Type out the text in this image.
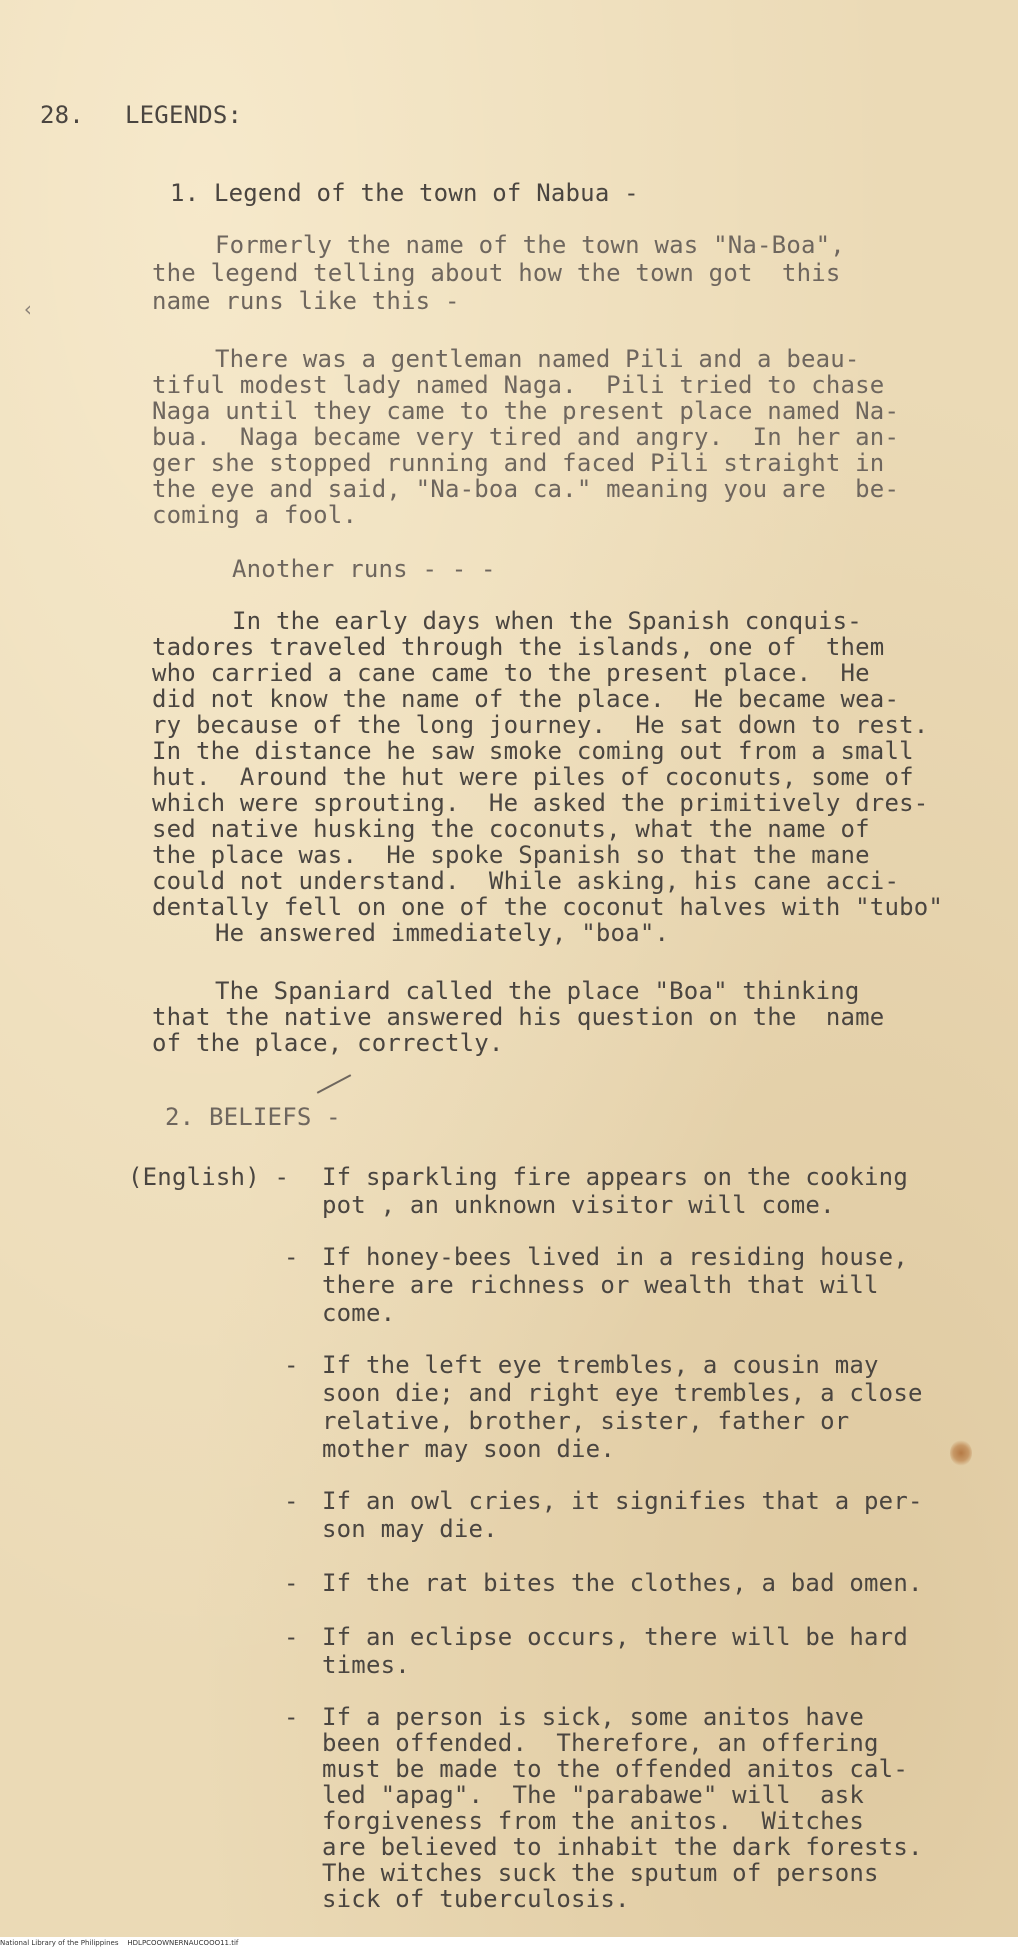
‹
28. LEGENDS:
1. Legend of the town of Nabua -
Formerly the name of the town was "Na-Boa",
the legend telling about how the town got  this
name runs like this -
There was a gentleman named Pili and a beau-
tiful modest lady named Naga.  Pili tried to chase
Naga until they came to the present place named Na-
bua.  Naga became very tired and angry.  In her an-
ger she stopped running and faced Pili straight in
the eye and said, "Na-boa ca." meaning you are  be-
coming a fool.
Another runs - - -
In the early days when the Spanish conquis-
tadores traveled through the islands, one of  them
who carried a cane came to the present place.  He
did not know the name of the place.  He became wea-
ry because of the long journey.  He sat down to rest.
In the distance he saw smoke coming out from a small
hut.  Around the hut were piles of coconuts, some of
which were sprouting.  He asked the primitively dres-
sed native husking the coconuts, what the name of
the place was.  He spoke Spanish so that the mane
could not understand.  While asking, his cane acci-
dentally fell on one of the coconut halves with "tubo"
He answered immediately, "boa".
The Spaniard called the place "Boa" thinking
that the native answered his question on the  name
of the place, correctly.
2. BELIEFS -
(English) - If sparkling fire appears on the cooking
pot , an unknown visitor will come.
- If honey-bees lived in a residing house,
there are richness or wealth that will
come.
- If the left eye trembles, a cousin may
soon die; and right eye trembles, a close
relative, brother, sister, father or
mother may soon die.
- If an owl cries, it signifies that a per-
son may die.
- If the rat bites the clothes, a bad omen.
- If an eclipse occurs, there will be hard
times.
- If a person is sick, some anitos have
been offended.  Therefore, an offering
must be made to the offended anitos cal-
led "apag".  The "parabawe" will  ask
forgiveness from the anitos.  Witches
are believed to inhabit the dark forests.
The witches suck the sputum of persons
sick of tuberculosis.
National Library of the Philippines    HDLPCOOWNERNAUCOOO11.tif
